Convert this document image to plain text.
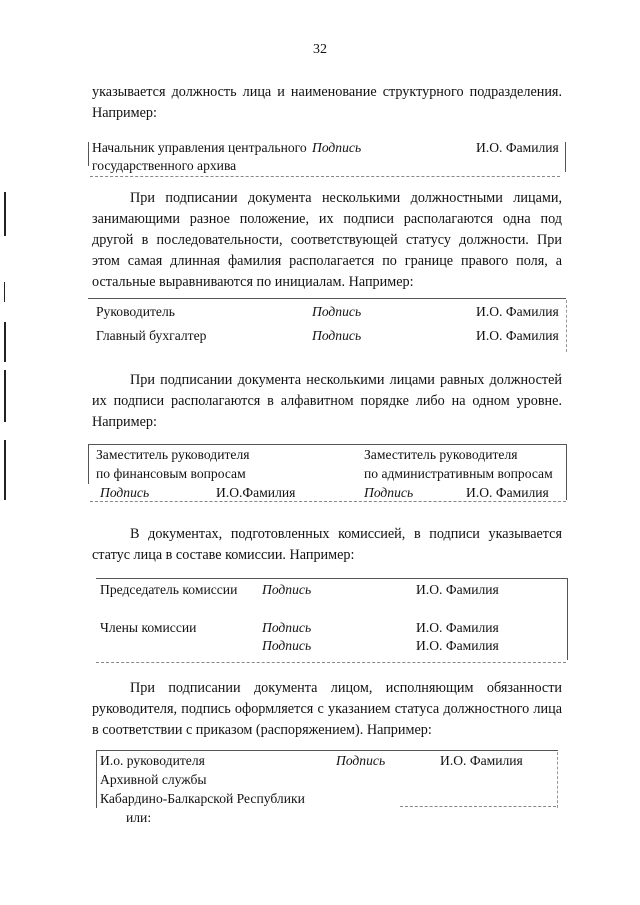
32
указывается должность лица и наименование структурного подразделения.
Например:
Начальник управления центрального
государственного архива
Подпись	И.О. Фамилия
При подписании документа несколькими должностными лицами, занимающими разное положение, их подписи располагаются одна под другой в последовательности, соответствующей статусу должности. При этом самая длинная фамилия располагается по границе правого поля, а остальные выравниваются по инициалам. Например:
Руководитель	Подпись	И.О. Фамилия
Главный бухгалтер	Подпись	И.О. Фамилия
При подписании документа несколькими лицами равных должностей их подписи располагаются в алфавитном порядке либо на одном уровне. Например:
Заместитель руководителя
по финансовым вопросам
Подпись	И.О.Фамилия
Заместитель руководителя
по административным вопросам
Подпись	И.О. Фамилия
В документах, подготовленных комиссией, в подписи указывается статус лица в составе комиссии. Например:
Председатель комиссии Подпись	И.О. Фамилия
Члены комиссии	Подпись	И.О. Фамилия
Подпись	И.О. Фамилия
При подписании документа лицом, исполняющим обязанности руководителя, подпись оформляется с указанием статуса должностного лица в соответствии с приказом (распоряжением). Например:
И.о. руководителя
Архивной службы
Кабардино-Балкарской Республики
Подпись	И.О. Фамилия
или:
